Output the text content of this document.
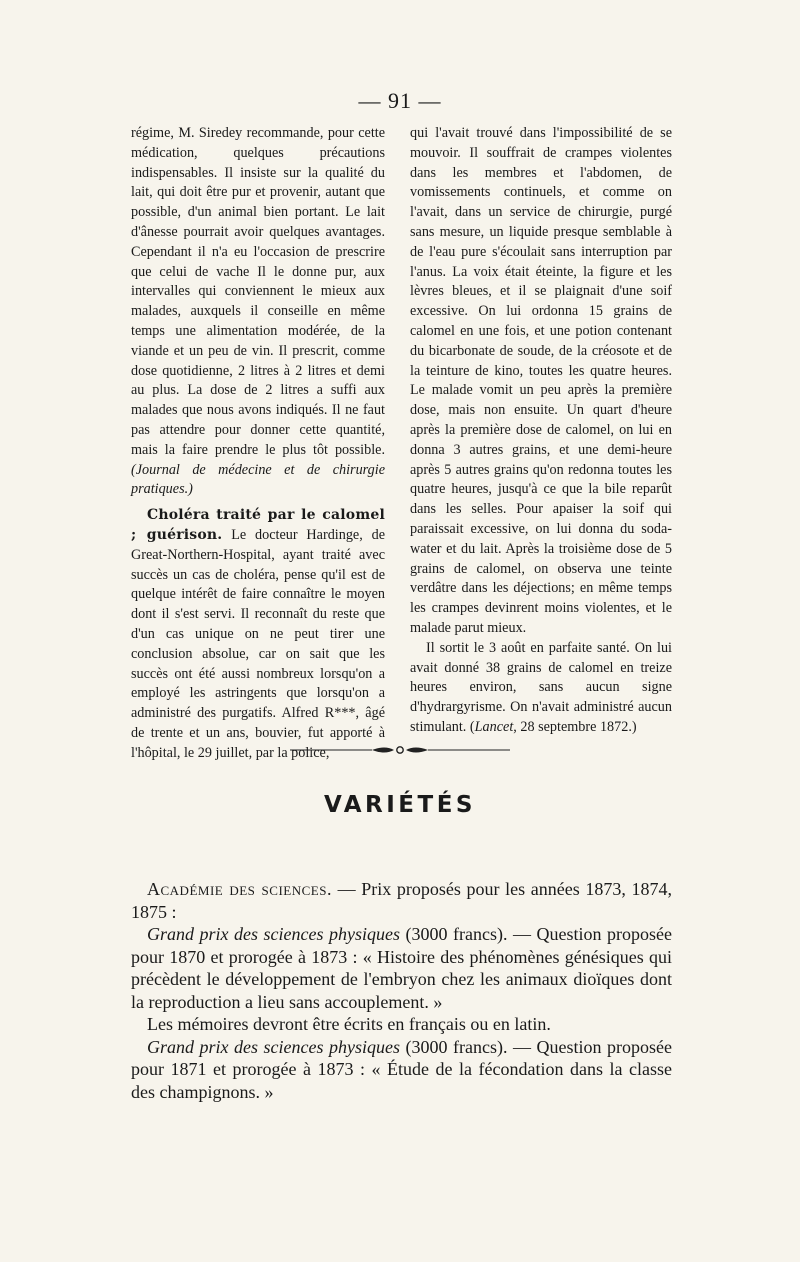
— 91 —

régime, M. Siredey recommande, pour cette médication, quelques précautions indispensables. Il insiste sur la qualité du lait, qui doit être pur et provenir, autant que possible, d'un animal bien portant. Le lait d'ânesse pourrait avoir quelques avantages. Cependant il n'a eu l'occasion de prescrire que celui de vache Il le donne pur, aux intervalles qui conviennent le mieux aux malades, auxquels il conseille en même temps une alimentation modérée, de la viande et un peu de vin. Il prescrit, comme dose quotidienne, 2 litres à 2 litres et demi au plus. La dose de 2 litres a suffi aux malades que nous avons indiqués. Il ne faut pas attendre pour donner cette quantité, mais la faire prendre le plus tôt possible. (Journal de médecine et de chirurgie pratiques.)

Choléra traité par le calomel ; guérison. Le docteur Hardinge, de Great-Northern-Hospital, ayant traité avec succès un cas de choléra, pense qu'il est de quelque intérêt de faire connaître le moyen dont il s'est servi. Il reconnaît du reste que d'un cas unique on ne peut tirer une conclusion absolue, car on sait que les succès ont été aussi nombreux lorsqu'on a employé les astringents que lorsqu'on a administré des purgatifs. Alfred R***, âgé de trente et un ans, bouvier, fut apporté à l'hôpital, le 29 juillet, par la police,

qui l'avait trouvé dans l'impossibilité de se mouvoir. Il souffrait de crampes violentes dans les membres et l'abdomen, de vomissements continuels, et comme on l'avait, dans un service de chirurgie, purgé sans mesure, un liquide presque semblable à de l'eau pure s'écoulait sans interruption par l'anus. La voix était éteinte, la figure et les lèvres bleues, et il se plaignait d'une soif excessive. On lui ordonna 15 grains de calomel en une fois, et une potion contenant du bicarbonate de soude, de la créosote et de la teinture de kino, toutes les quatre heures. Le malade vomit un peu après la première dose, mais non ensuite. Un quart d'heure après la première dose de calomel, on lui en donna 3 autres grains, et une demi-heure après 5 autres grains qu'on redonna toutes les quatre heures, jusqu'à ce que la bile reparût dans les selles. Pour apaiser la soif qui paraissait excessive, on lui donna du soda-water et du lait. Après la troisième dose de 5 grains de calomel, on observa une teinte verdâtre dans les déjections; en même temps les crampes devinrent moins violentes, et le malade parut mieux.

Il sortit le 3 août en parfaite santé. On lui avait donné 38 grains de calomel en treize heures environ, sans aucun signe d'hydrargyrisme. On n'avait administré aucun stimulant. (Lancet, 28 septembre 1872.)

VARIÉTÉS

Académie des sciences. — Prix proposés pour les années 1873, 1874, 1875 :

Grand prix des sciences physiques (3000 francs). — Question proposée pour 1870 et prorogée à 1873 : « Histoire des phénomènes génésiques qui précèdent le développement de l'embryon chez les animaux dioïques dont la reproduction a lieu sans accouplement. »

Les mémoires devront être écrits en français ou en latin.

Grand prix des sciences physiques (3000 francs). — Question proposée pour 1871 et prorogée à 1873 : « Étude de la fécondation dans la classe des champignons. »
